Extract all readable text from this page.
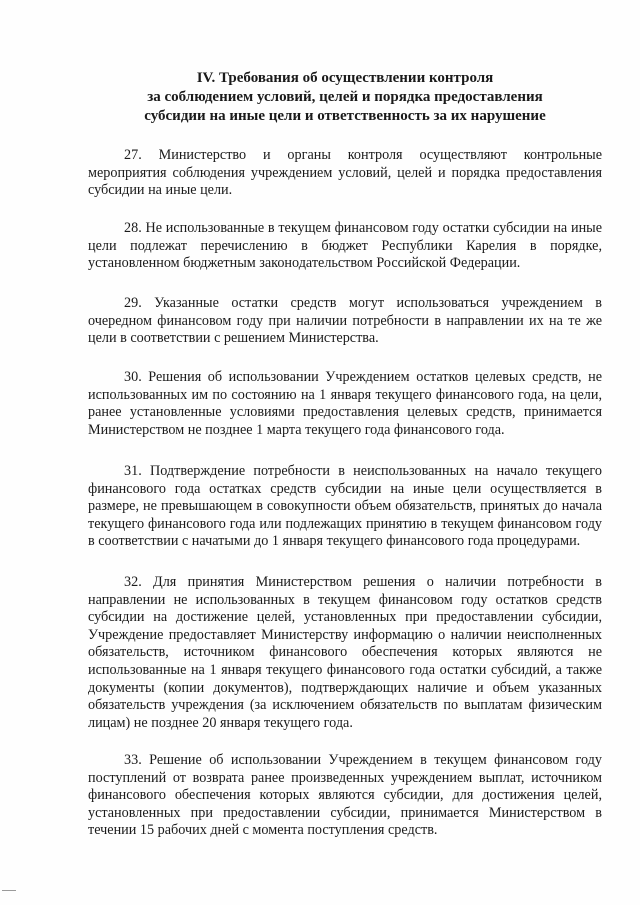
IV. Требования об осуществлении контроля
за соблюдением условий, целей и порядка предоставления
субсидии на иные цели и ответственность за их нарушение

27. Министерство и органы контроля осуществляют контрольные мероприятия соблюдения учреждением условий, целей и порядка предоставления субсидии на иные цели.

28. Не использованные в текущем финансовом году остатки субсидии на иные цели подлежат перечислению в бюджет Республики Карелия в порядке, установленном бюджетным законодательством Российской Федерации.

29. Указанные остатки средств могут использоваться учреждением в очередном финансовом году при наличии потребности в направлении их на те же цели в соответствии с решением Министерства.

30. Решения об использовании Учреждением остатков целевых средств, не использованных им по состоянию на 1 января текущего финансового года, на цели, ранее установленные условиями предоставления целевых средств, принимается Министерством не позднее 1 марта текущего года финансового года.

31. Подтверждение потребности в неиспользованных на начало текущего финансового года остатках средств субсидии на иные цели осуществляется в размере, не превышающем в совокупности объем обязательств, принятых до начала текущего финансового года или подлежащих принятию в текущем финансовом году в соответствии с начатыми до 1 января текущего финансового года процедурами.

32. Для принятия Министерством решения о наличии потребности в направлении не использованных в текущем финансовом году остатков средств субсидии на достижение целей, установленных при предоставлении субсидии, Учреждение предоставляет Министерству информацию о наличии неисполненных обязательств, источником финансового обеспечения которых являются не использованные на 1 января текущего финансового года остатки субсидий, а также документы (копии документов), подтверждающих наличие и объем указанных обязательств учреждения (за исключением обязательств по выплатам физическим лицам) не позднее 20 января текущего года.

33. Решение об использовании Учреждением в текущем финансовом году поступлений от возврата ранее произведенных учреждением выплат, источником финансового обеспечения которых являются субсидии, для достижения целей, установленных при предоставлении субсидии, принимается Министерством в течении 15 рабочих дней с момента поступления средств.
